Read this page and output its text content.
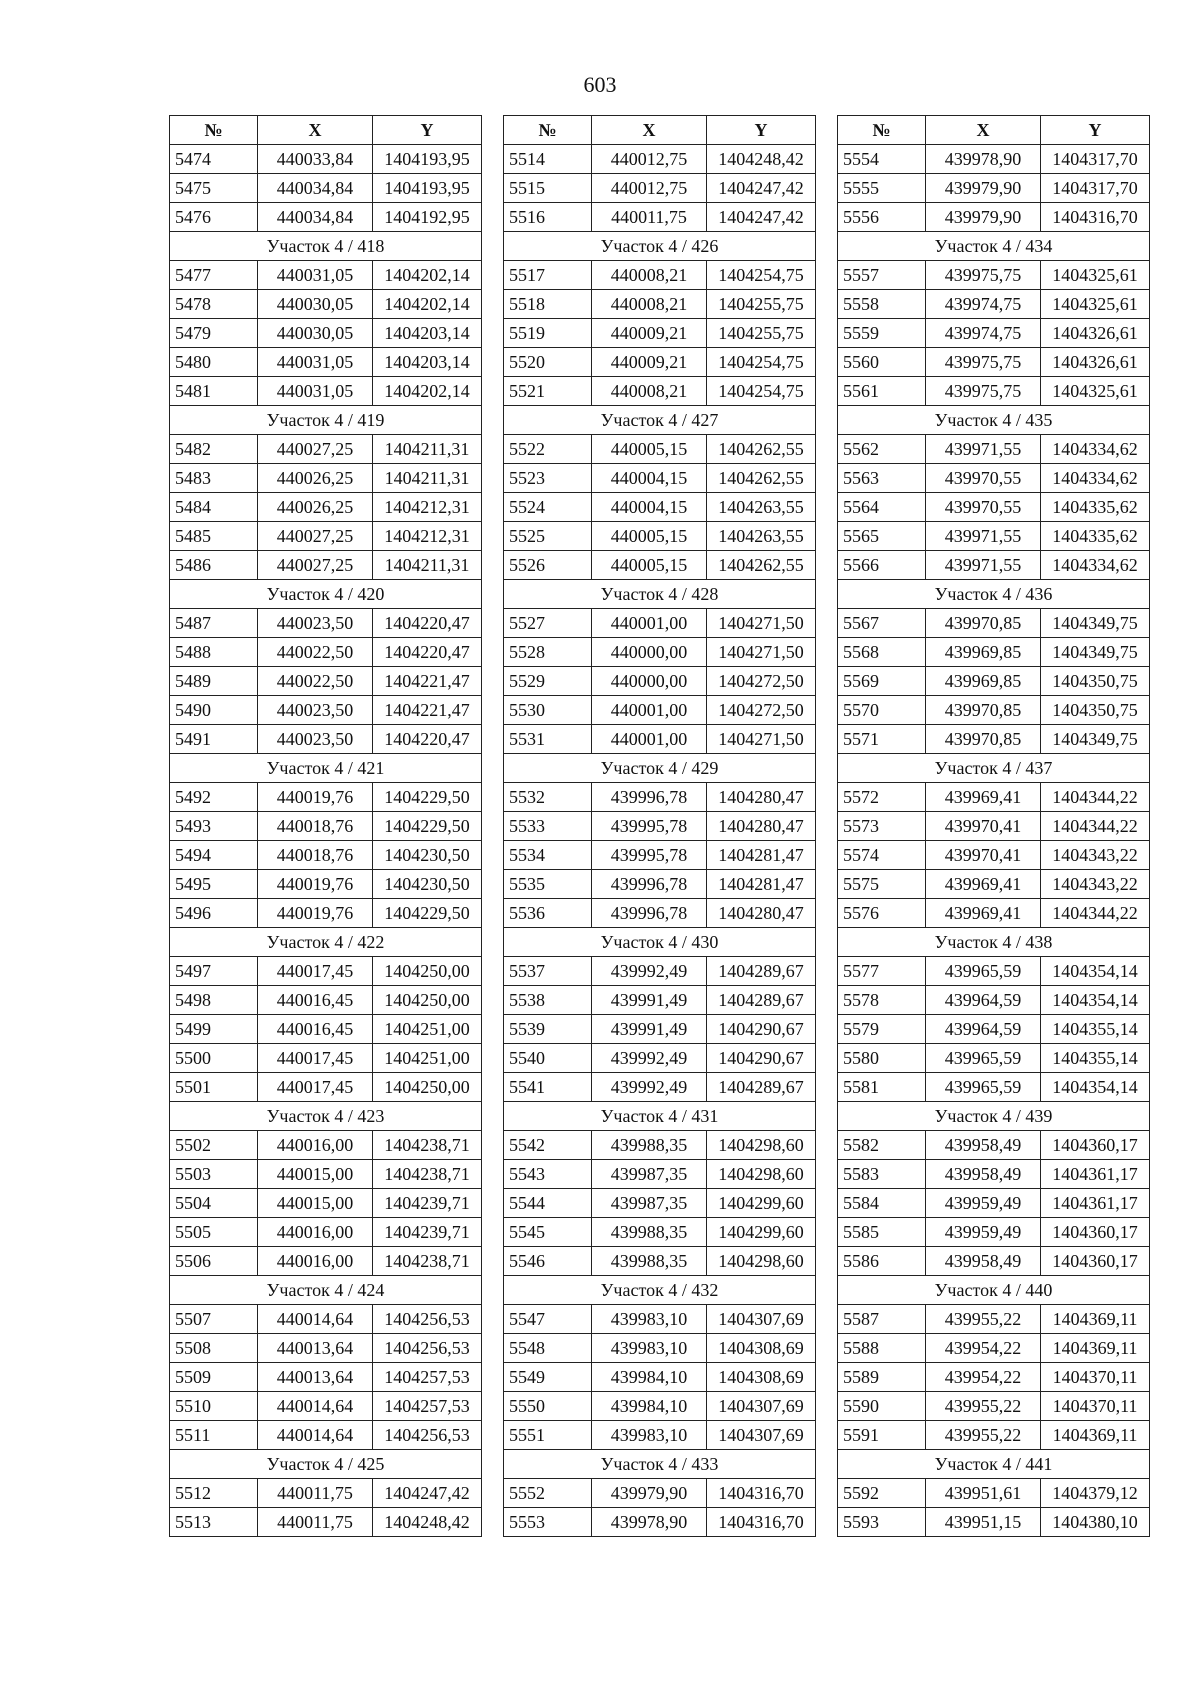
603
№	X	Y
5474	440033,84	1404193,95
5475	440034,84	1404193,95
5476	440034,84	1404192,95
Участок 4 / 418		
5477	440031,05	1404202,14
5478	440030,05	1404202,14
5479	440030,05	1404203,14
5480	440031,05	1404203,14
5481	440031,05	1404202,14
Участок 4 / 419		
5482	440027,25	1404211,31
5483	440026,25	1404211,31
5484	440026,25	1404212,31
5485	440027,25	1404212,31
5486	440027,25	1404211,31
Участок 4 / 420		
5487	440023,50	1404220,47
5488	440022,50	1404220,47
5489	440022,50	1404221,47
5490	440023,50	1404221,47
5491	440023,50	1404220,47
Участок 4 / 421		
5492	440019,76	1404229,50
5493	440018,76	1404229,50
5494	440018,76	1404230,50
5495	440019,76	1404230,50
5496	440019,76	1404229,50
Участок 4 / 422		
5497	440017,45	1404250,00
5498	440016,45	1404250,00
5499	440016,45	1404251,00
5500	440017,45	1404251,00
5501	440017,45	1404250,00
Участок 4 / 423		
5502	440016,00	1404238,71
5503	440015,00	1404238,71
5504	440015,00	1404239,71
5505	440016,00	1404239,71
5506	440016,00	1404238,71
Участок 4 / 424		
5507	440014,64	1404256,53
5508	440013,64	1404256,53
5509	440013,64	1404257,53
5510	440014,64	1404257,53
5511	440014,64	1404256,53
Участок 4 / 425		
5512	440011,75	1404247,42
5513	440011,75	1404248,42
№	X	Y
5514	440012,75	1404248,42
5515	440012,75	1404247,42
5516	440011,75	1404247,42
Участок 4 / 426		
5517	440008,21	1404254,75
5518	440008,21	1404255,75
5519	440009,21	1404255,75
5520	440009,21	1404254,75
5521	440008,21	1404254,75
Участок 4 / 427		
5522	440005,15	1404262,55
5523	440004,15	1404262,55
5524	440004,15	1404263,55
5525	440005,15	1404263,55
5526	440005,15	1404262,55
Участок 4 / 428		
5527	440001,00	1404271,50
5528	440000,00	1404271,50
5529	440000,00	1404272,50
5530	440001,00	1404272,50
5531	440001,00	1404271,50
Участок 4 / 429		
5532	439996,78	1404280,47
5533	439995,78	1404280,47
5534	439995,78	1404281,47
5535	439996,78	1404281,47
5536	439996,78	1404280,47
Участок 4 / 430		
5537	439992,49	1404289,67
5538	439991,49	1404289,67
5539	439991,49	1404290,67
5540	439992,49	1404290,67
5541	439992,49	1404289,67
Участок 4 / 431		
5542	439988,35	1404298,60
5543	439987,35	1404298,60
5544	439987,35	1404299,60
5545	439988,35	1404299,60
5546	439988,35	1404298,60
Участок 4 / 432		
5547	439983,10	1404307,69
5548	439983,10	1404308,69
5549	439984,10	1404308,69
5550	439984,10	1404307,69
5551	439983,10	1404307,69
Участок 4 / 433		
5552	439979,90	1404316,70
5553	439978,90	1404316,70
№	X	Y
5554	439978,90	1404317,70
5555	439979,90	1404317,70
5556	439979,90	1404316,70
Участок 4 / 434		
5557	439975,75	1404325,61
5558	439974,75	1404325,61
5559	439974,75	1404326,61
5560	439975,75	1404326,61
5561	439975,75	1404325,61
Участок 4 / 435		
5562	439971,55	1404334,62
5563	439970,55	1404334,62
5564	439970,55	1404335,62
5565	439971,55	1404335,62
5566	439971,55	1404334,62
Участок 4 / 436		
5567	439970,85	1404349,75
5568	439969,85	1404349,75
5569	439969,85	1404350,75
5570	439970,85	1404350,75
5571	439970,85	1404349,75
Участок 4 / 437		
5572	439969,41	1404344,22
5573	439970,41	1404344,22
5574	439970,41	1404343,22
5575	439969,41	1404343,22
5576	439969,41	1404344,22
Участок 4 / 438		
5577	439965,59	1404354,14
5578	439964,59	1404354,14
5579	439964,59	1404355,14
5580	439965,59	1404355,14
5581	439965,59	1404354,14
Участок 4 / 439		
5582	439958,49	1404360,17
5583	439958,49	1404361,17
5584	439959,49	1404361,17
5585	439959,49	1404360,17
5586	439958,49	1404360,17
Участок 4 / 440		
5587	439955,22	1404369,11
5588	439954,22	1404369,11
5589	439954,22	1404370,11
5590	439955,22	1404370,11
5591	439955,22	1404369,11
Участок 4 / 441		
5592	439951,61	1404379,12
5593	439951,15	1404380,10
